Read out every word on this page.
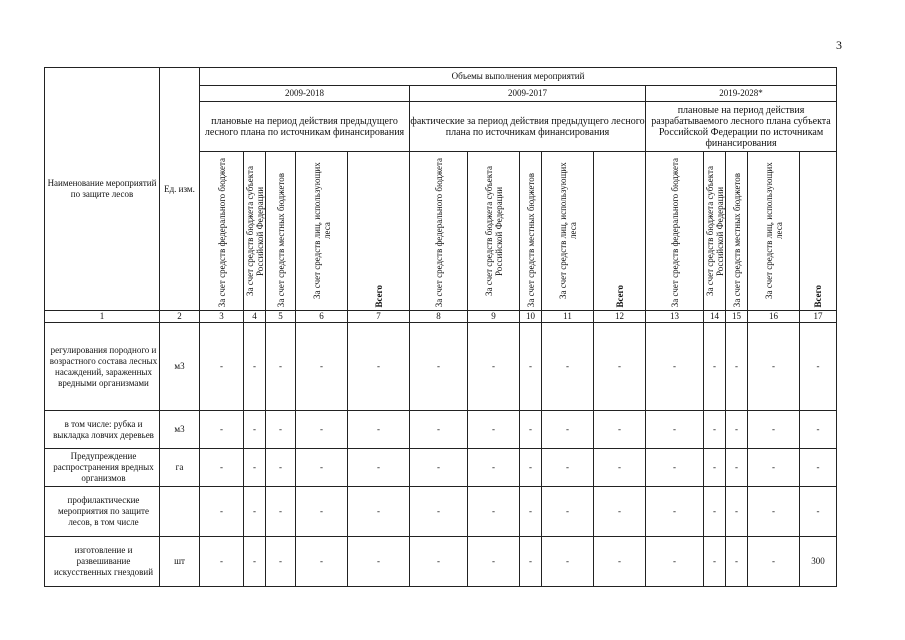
3
Наименование мероприятий по защите лесов	Ед. изм.	Объемы выполнения мероприятий														
		2009-2018					2009-2017					2019-2028*				
		плановые на период действия предыдущего лесного плана по источникам финансирования					фактические за период действия предыдущего лесного плана по источникам финансирования					плановые на период действия разрабатываемого лесного плана субъекта Российской Федерации по источникам финансирования				

		За счет средств федерального бюджета	За счет средств бюджета субъекта Российской Федерации	За счет средств местных бюджетов	За счет средств лиц, использующих леса	Всего	За счет средств федерального бюджета	За счет средств бюджета субъекта Российской Федерации	За счет средств местных бюджетов	За счет средств лиц, использующих леса	Всего	За счет средств федерального бюджета	За счет средств бюджета субъекта Российской Федерации	За счет средств местных бюджетов	За счет средств лиц, использующих леса	Всего

1	2	3	4	5	6	7	8	9	10	11	12	13	14	15	16	17
регулирования породного и возрастного состава лесных насаждений, зараженных вредными организмами	м3	-	-	-	-	-	-	-	-	-	-	-	-	-	-	-
в том числе: рубка и выкладка ловчих деревьев	м3	-	-	-	-	-	-	-	-	-	-	-	-	-	-	-
Предупреждение распространения вредных организмов	га	-	-	-	-	-	-	-	-	-	-	-	-	-	-	-
профилактические мероприятия по защите лесов, в том числе		-	-	-	-	-	-	-	-	-	-	-	-	-	-	-
изготовление и развешивание искусственных гнездовий	шт	-	-	-	-	-	-	-	-	-	-	-	-	-	-	300
